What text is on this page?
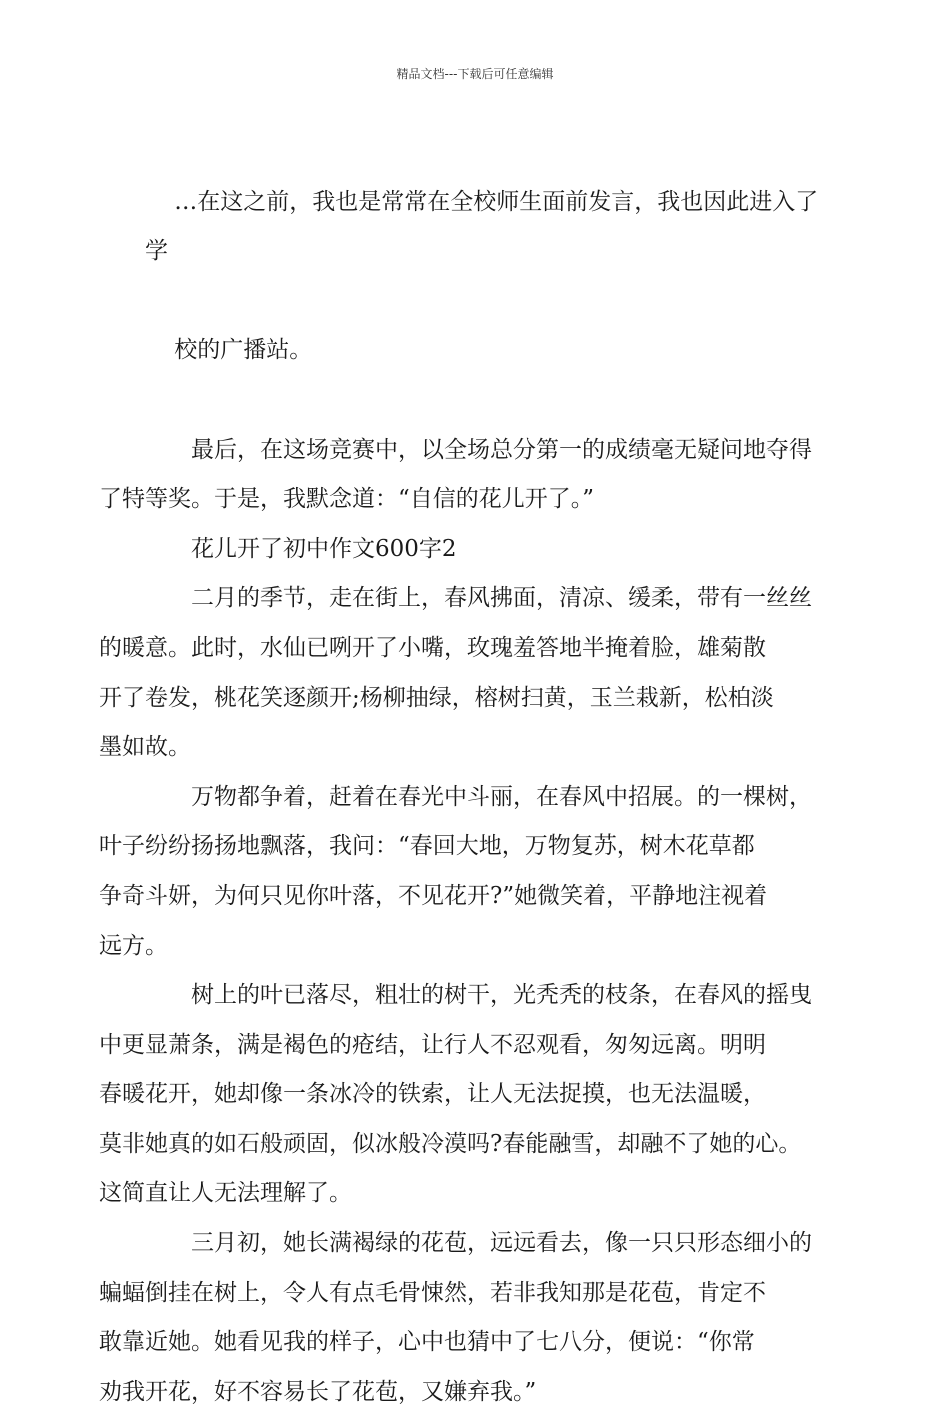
精品文档---下载后可任意编辑

…在这之前，我也是常常在全校师生面前发言，我也因此进入了学

校的广播站。

最后，在这场竞赛中，以全场总分第一的成绩毫无疑问地夺得
了特等奖。于是，我默念道：“自信的花儿开了。”

花儿开了初中作文600字2

二月的季节，走在街上，春风拂面，清凉、缓柔，带有一丝丝
的暖意。此时，水仙已咧开了小嘴，玫瑰羞答地半掩着脸，雄菊散
开了卷发，桃花笑逐颜开;杨柳抽绿，榕树扫黄，玉兰栽新，松柏淡
墨如故。

万物都争着，赶着在春光中斗丽，在春风中招展。的一棵树，
叶子纷纷扬扬地飘落，我问：“春回大地，万物复苏，树木花草都
争奇斗妍，为何只见你叶落，不见花开?”她微笑着，平静地注视着
远方。

树上的叶已落尽，粗壮的树干，光秃秃的枝条，在春风的摇曳
中更显萧条，满是褐色的疮结，让行人不忍观看，匆匆远离。明明
春暖花开，她却像一条冰冷的铁索，让人无法捉摸，也无法温暖，
莫非她真的如石般顽固，似冰般冷漠吗?春能融雪，却融不了她的心。
这简直让人无法理解了。

三月初，她长满褐绿的花苞，远远看去，像一只只形态细小的
蝙蝠倒挂在树上，令人有点毛骨悚然，若非我知那是花苞，肯定不
敢靠近她。她看见我的样子，心中也猜中了七八分，便说：“你常
劝我开花，好不容易长了花苞，又嫌弃我。”
